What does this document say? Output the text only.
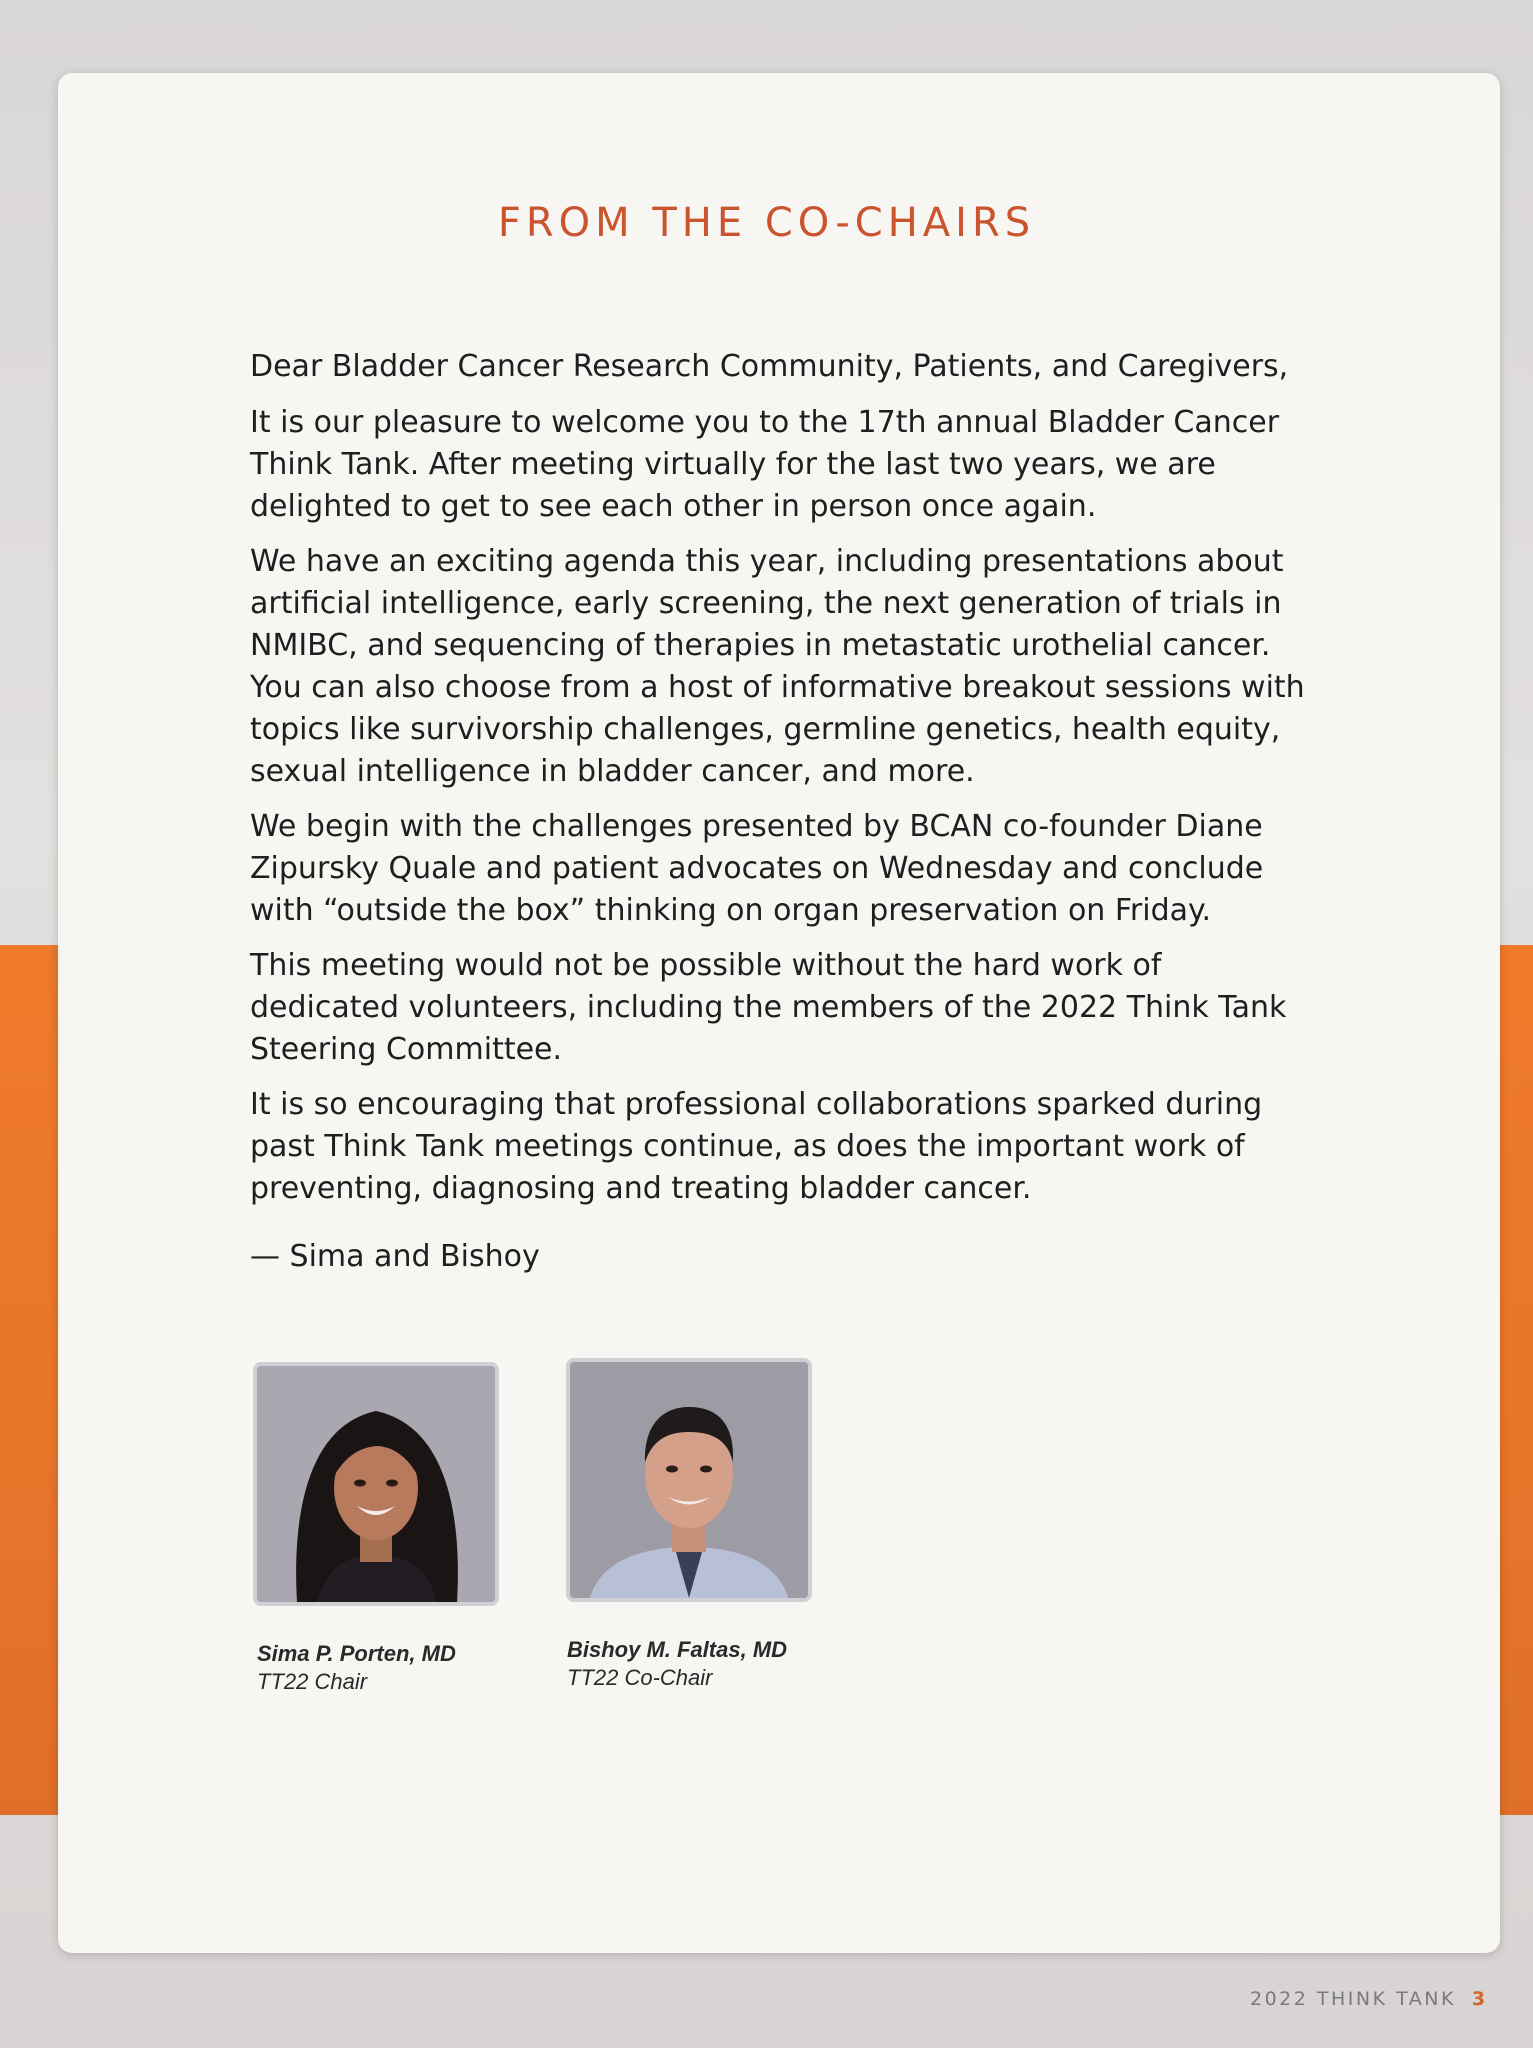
FROM THE CO-CHAIRS

Dear Bladder Cancer Research Community, Patients, and Caregivers,

It is our pleasure to welcome you to the 17th annual Bladder Cancer Think Tank. After meeting virtually for the last two years, we are delighted to get to see each other in person once again.

We have an exciting agenda this year, including presentations about artificial intelligence, early screening, the next generation of trials in NMIBC, and sequencing of therapies in metastatic urothelial cancer. You can also choose from a host of informative breakout sessions with topics like survivorship challenges, germline genetics, health equity, sexual intelligence in bladder cancer, and more.

We begin with the challenges presented by BCAN co-founder Diane Zipursky Quale and patient advocates on Wednesday and conclude with “outside the box” thinking on organ preservation on Friday.

This meeting would not be possible without the hard work of dedicated volunteers, including the members of the 2022 Think Tank Steering Committee.

It is so encouraging that professional collaborations sparked during past Think Tank meetings continue, as does the important work of preventing, diagnosing and treating bladder cancer.

— Sima and Bishoy

Sima P. Porten, MD
TT22 Chair
Bishoy M. Faltas, MD
TT22 Co-Chair
2022 THINK TANK 3
